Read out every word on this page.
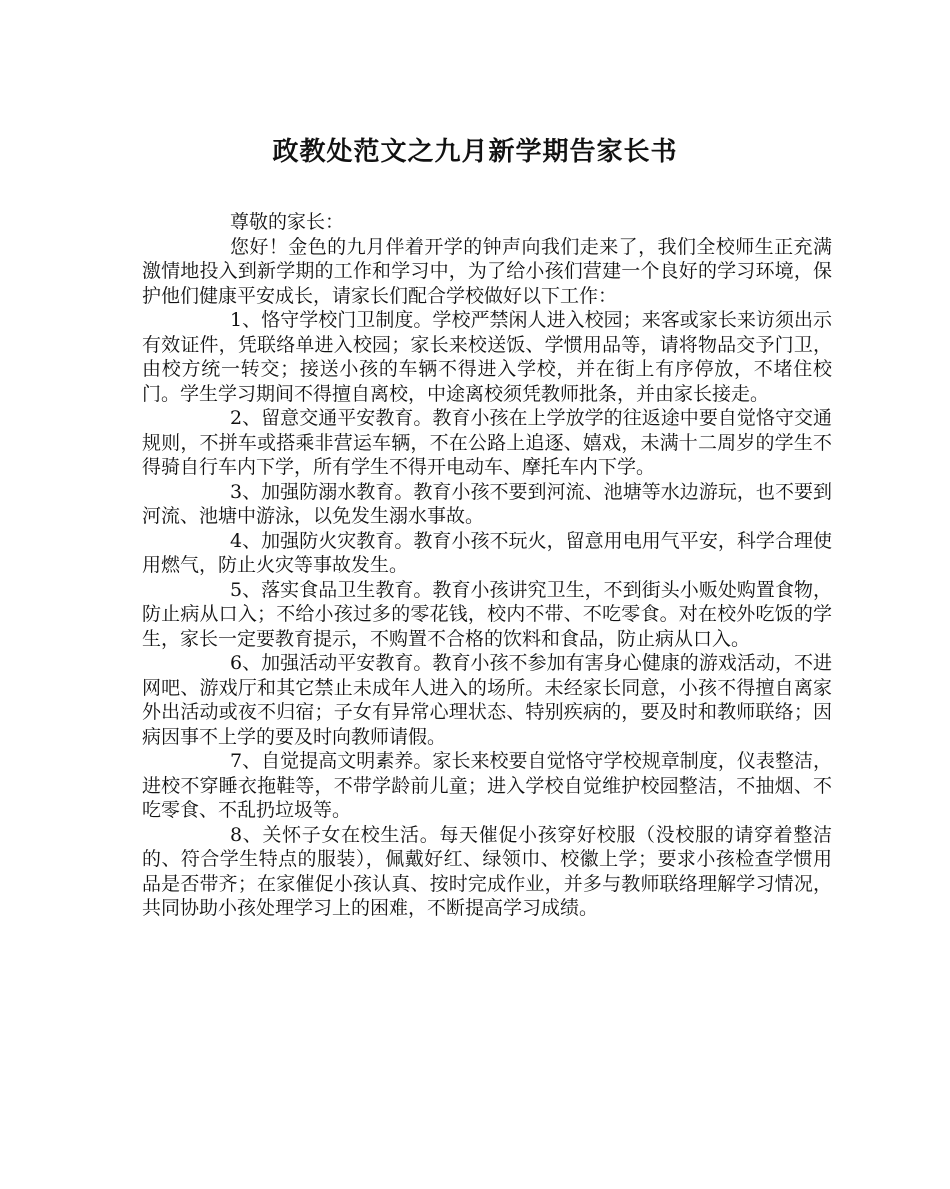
政教处范文之九月新学期告家长书

尊敬的家长：

您好！金色的九月伴着开学的钟声向我们走来了，我们全校师生正充满激情地投入到新学期的工作和学习中，为了给小孩们营建一个良好的学习环境，保护他们健康平安成长，请家长们配合学校做好以下工作：

1、恪守学校门卫制度。学校严禁闲人进入校园；来客或家长来访须出示有效证件，凭联络单进入校园；家长来校送饭、学惯用品等，请将物品交予门卫，由校方统一转交；接送小孩的车辆不得进入学校，并在街上有序停放，不堵住校门。学生学习期间不得擅自离校，中途离校须凭教师批条，并由家长接走。

2、留意交通平安教育。教育小孩在上学放学的往返途中要自觉恪守交通规则，不拼车或搭乘非营运车辆，不在公路上追逐、嬉戏，未满十二周岁的学生不得骑自行车内下学，所有学生不得开电动车、摩托车内下学。

3、加强防溺水教育。教育小孩不要到河流、池塘等水边游玩，也不要到河流、池塘中游泳，以免发生溺水事故。

4、加强防火灾教育。教育小孩不玩火，留意用电用气平安，科学合理使用燃气，防止火灾等事故发生。

5、落实食品卫生教育。教育小孩讲究卫生，不到街头小贩处购置食物，防止病从口入；不给小孩过多的零花钱，校内不带、不吃零食。对在校外吃饭的学生，家长一定要教育提示，不购置不合格的饮料和食品，防止病从口入。

6、加强活动平安教育。教育小孩不参加有害身心健康的游戏活动，不进网吧、游戏厅和其它禁止未成年人进入的场所。未经家长同意，小孩不得擅自离家外出活动或夜不归宿；子女有异常心理状态、特别疾病的，要及时和教师联络；因病因事不上学的要及时向教师请假。

7、自觉提高文明素养。家长来校要自觉恪守学校规章制度，仪表整洁，进校不穿睡衣拖鞋等，不带学龄前儿童；进入学校自觉维护校园整洁，不抽烟、不吃零食、不乱扔垃圾等。

8、关怀子女在校生活。每天催促小孩穿好校服（没校服的请穿着整洁的、符合学生特点的服装），佩戴好红、绿领巾、校徽上学；要求小孩检查学惯用品是否带齐；在家催促小孩认真、按时完成作业，并多与教师联络理解学习情况，共同协助小孩处理学习上的困难，不断提高学习成绩。
